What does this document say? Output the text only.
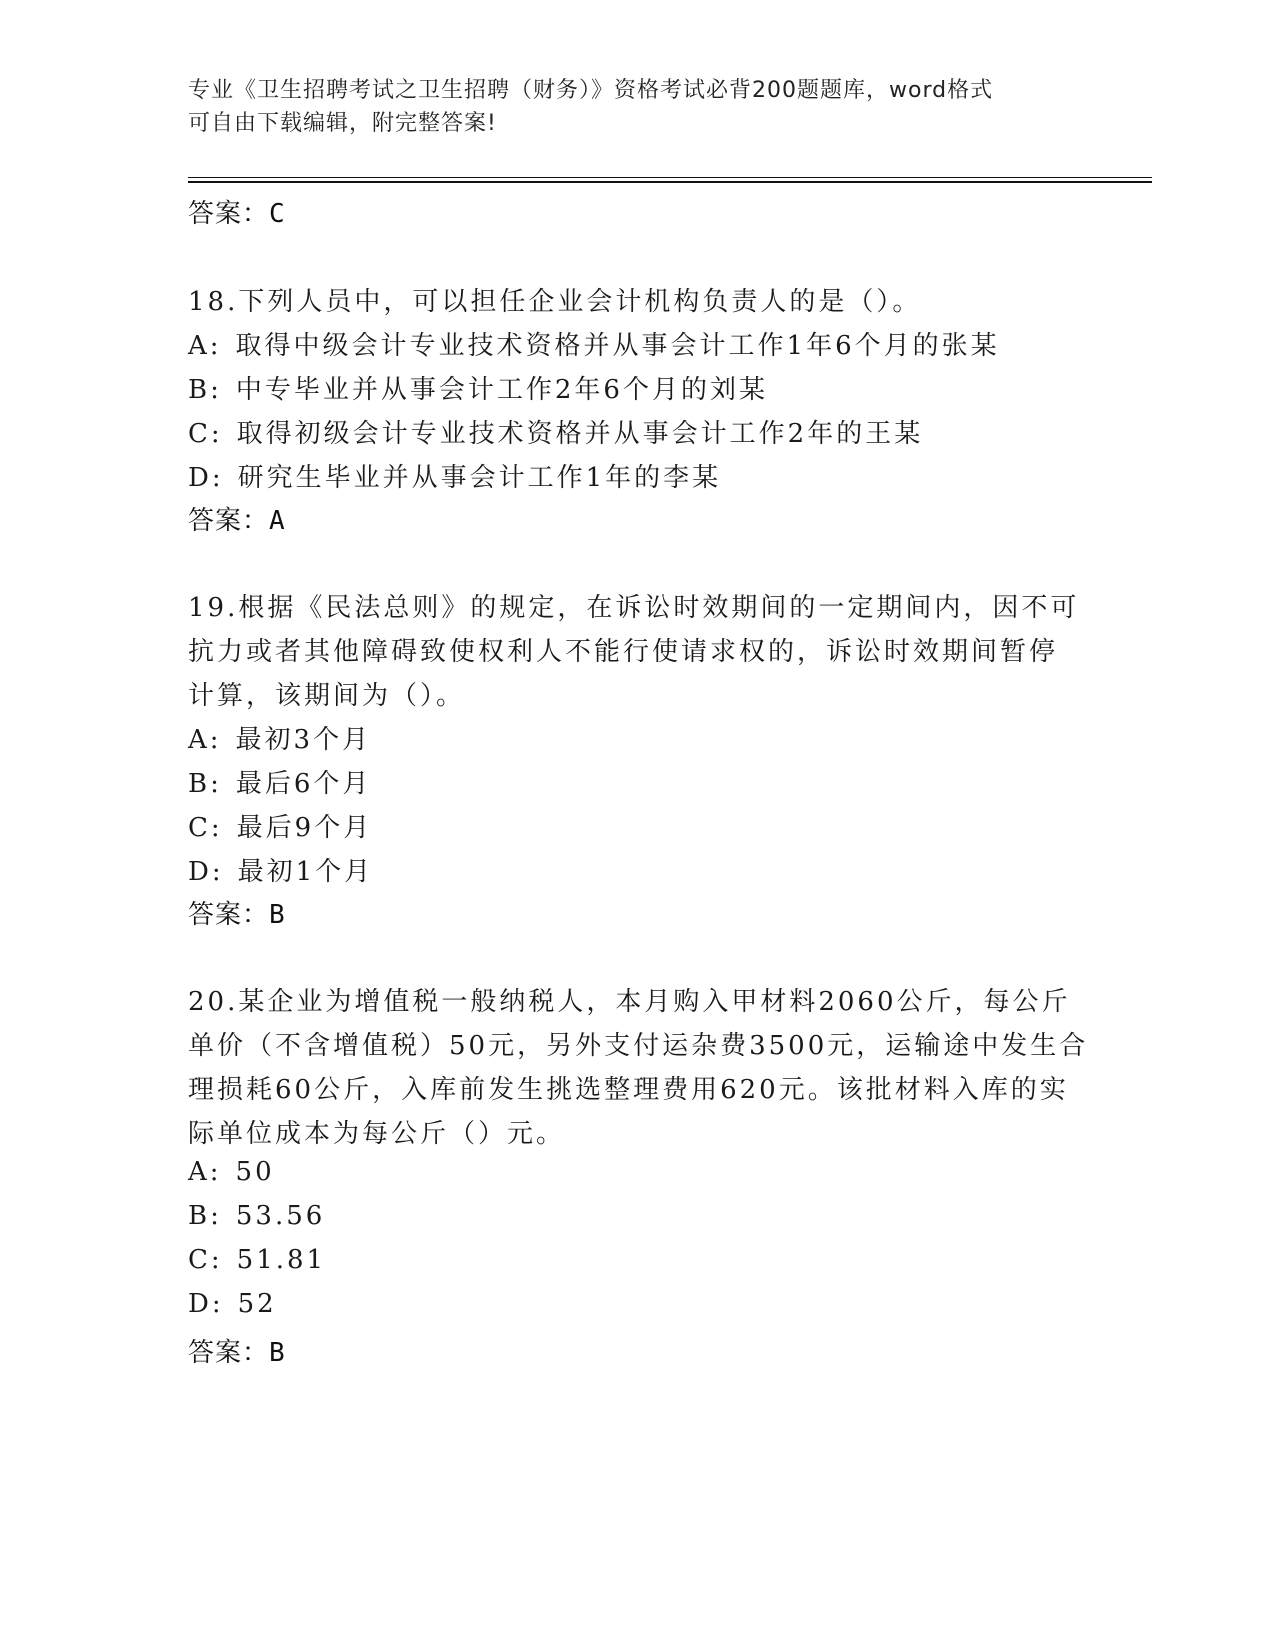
专业《卫生招聘考试之卫生招聘（财务）》资格考试必背200题题库，word格式
可自由下载编辑，附完整答案!
答案：C
18.下列人员中，可以担任企业会计机构负责人的是（）。
A: 取得中级会计专业技术资格并从事会计工作1年6个月的张某
B: 中专毕业并从事会计工作2年6个月的刘某
C: 取得初级会计专业技术资格并从事会计工作2年的王某
D: 研究生毕业并从事会计工作1年的李某
答案：A
19.根据《民法总则》的规定，在诉讼时效期间的一定期间内，因不可
抗力或者其他障碍致使权利人不能行使请求权的，诉讼时效期间暂停
计算，该期间为（）。
A: 最初3个月
B: 最后6个月
C: 最后9个月
D: 最初1个月
答案：B
20.某企业为增值税一般纳税人，本月购入甲材料2060公斤，每公斤
单价（不含增值税）50元，另外支付运杂费3500元，运输途中发生合
理损耗60公斤，入库前发生挑选整理费用620元。该批材料入库的实
际单位成本为每公斤（）元。
A: 50
B: 53.56
C: 51.81
D: 52
答案：B
